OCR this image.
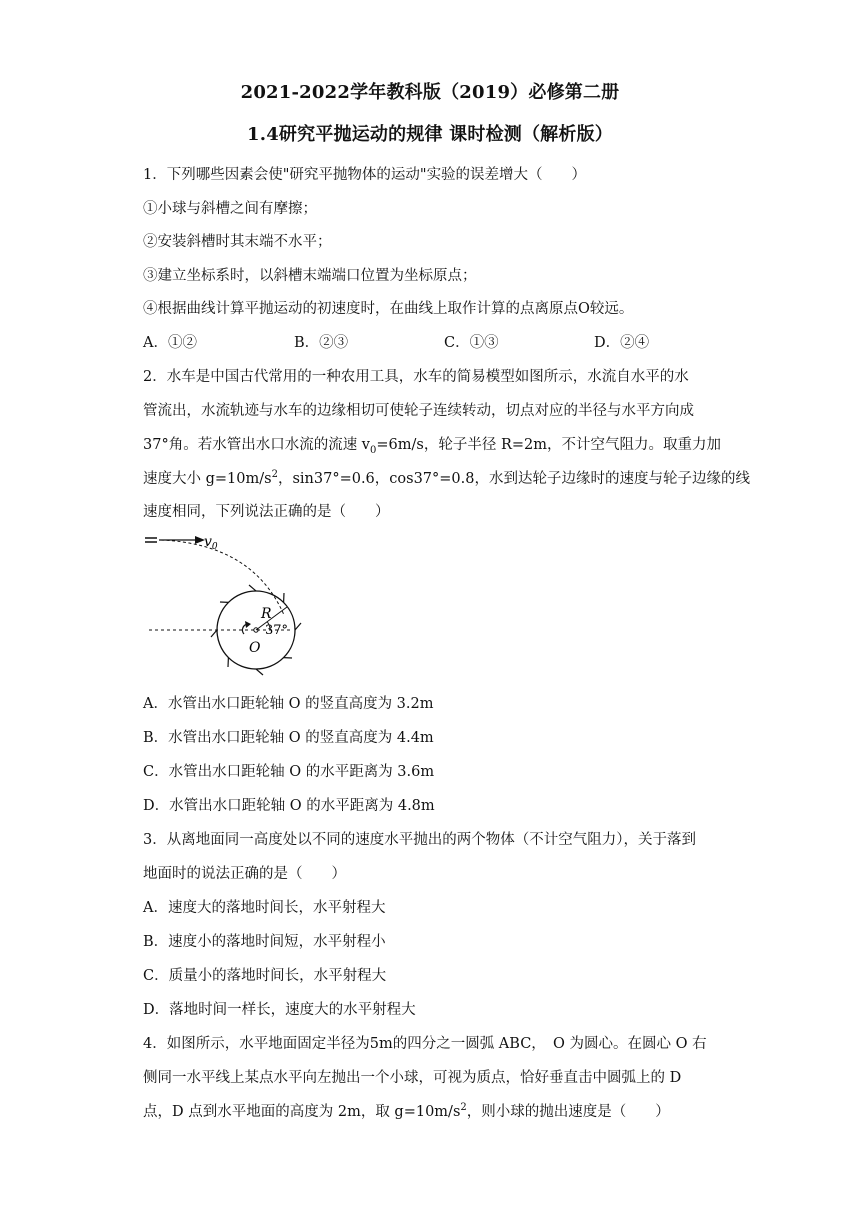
2021-2022学年教科版（2019）必修第二册
1.4研究平抛运动的规律 课时检测（解析版）
1．下列哪些因素会使"研究平抛物体的运动"实验的误差增大（　　）
①小球与斜槽之间有摩擦；
②安装斜槽时其末端不水平；
③建立坐标系时，以斜槽末端端口位置为坐标原点；
④根据曲线计算平抛运动的初速度时，在曲线上取作计算的点离原点O较远。
A．①②	B．②③	C．①③	D．②④
2．水车是中国古代常用的一种农用工具，水车的简易模型如图所示，水流自水平的水
管流出，水流轨迹与水车的边缘相切可使轮子连续转动，切点对应的半径与水平方向成
37°角。若水管出水口水流的流速 $v_0=6m/s$，轮子半径 R=2m，不计空气阻力。取重力加
速度大小 $g=10m/s^2$，sin37°=0.6，cos37°=0.8，水到达轮子边缘时的速度与轮子边缘的线
速度相同，下列说法正确的是（　　）
$v_0$
R
37°
O
A．水管出水口距轮轴 O 的竖直高度为 3.2m
B．水管出水口距轮轴 O 的竖直高度为 4.4m
C．水管出水口距轮轴 O 的水平距离为 3.6m
D．水管出水口距轮轴 O 的水平距离为 4.8m
3．从离地面同一高度处以不同的速度水平抛出的两个物体（不计空气阻力），关于落到
地面时的说法正确的是（　　）
A．速度大的落地时间长，水平射程大
B．速度小的落地时间短，水平射程小
C．质量小的落地时间长，水平射程大
D．落地时间一样长，速度大的水平射程大
4．如图所示，水平地面固定半径为5m的四分之一圆弧 ABC，　O 为圆心。在圆心 O 右
侧同一水平线上某点水平向左抛出一个小球，可视为质点，恰好垂直击中圆弧上的 D
点，D 点到水平地面的高度为 2m，取 $g=10m/s^2$，则小球的抛出速度是（　　）
